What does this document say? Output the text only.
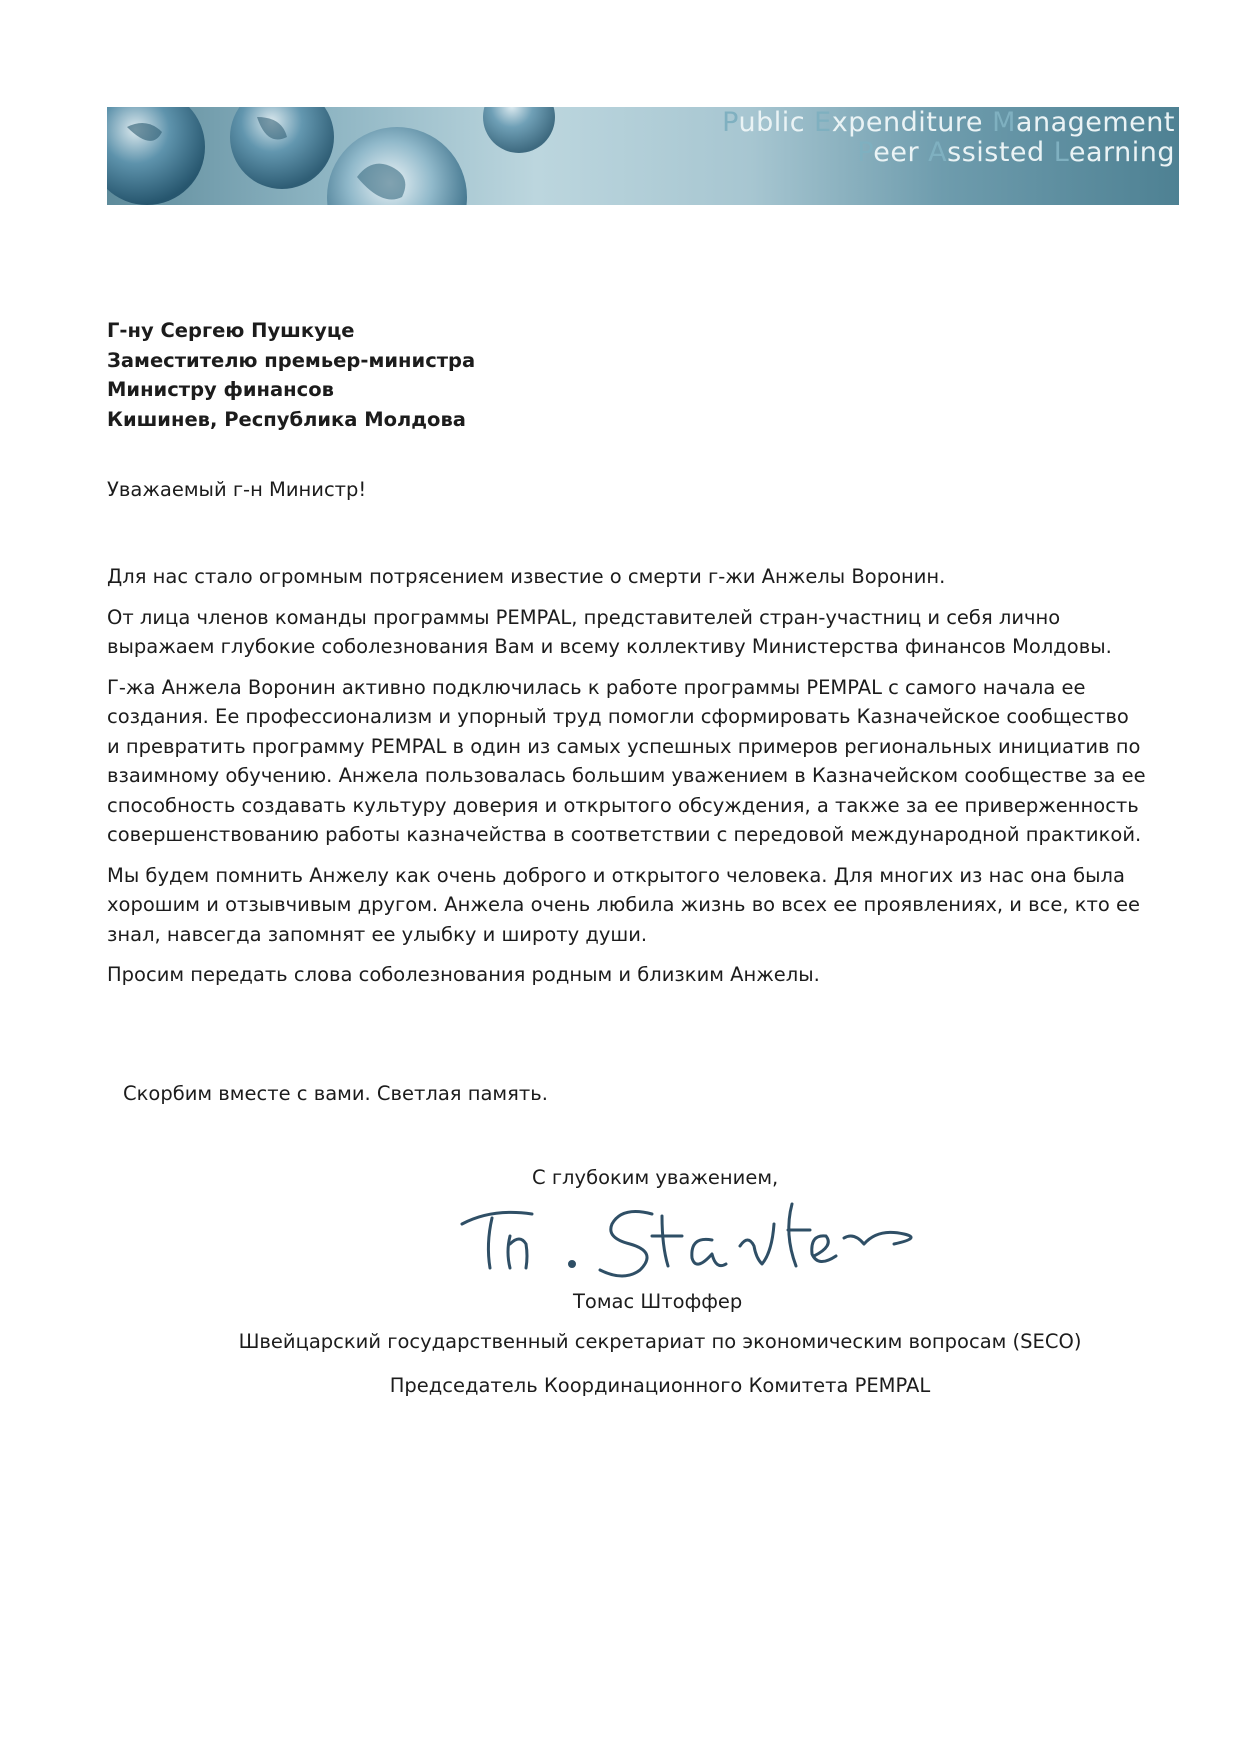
Public Expenditure Management
Peer Assisted Learning
Г-ну Сергею Пушкуце
Заместителю премьер-министра
Министру финансов
Кишинев, Республика Молдова
Уважаемый г-н Министр!

Для нас стало огромным потрясением известие о смерти г-жи Анжелы Воронин.

От лица членов команды программы PEMPAL, представителей стран-участниц и себя лично выражаем глубокие соболезнования Вам и всему коллективу Министерства финансов Молдовы.

Г-жа Анжела Воронин активно подключилась к работе программы PEMPAL с самого начала ее создания. Ее профессионализм и упорный труд помогли сформировать Казначейское сообщество и превратить программу PEMPAL в один из самых успешных примеров региональных инициатив по взаимному обучению. Анжела пользовалась большим уважением в Казначейском сообществе за ее способность создавать культуру доверия и открытого обсуждения, а также за ее приверженность совершенствованию работы казначейства в соответствии с передовой международной практикой.

Мы будем помнить Анжелу как очень доброго и открытого человека. Для многих из нас она была хорошим и отзывчивым другом. Анжела очень любила жизнь во всех ее проявлениях, и все, кто ее знал, навсегда запомнят ее улыбку и широту души.

Просим передать слова соболезнования родным и близким Анжелы.

Скорбим вместе с вами. Светлая память.
С глубоким уважением,
Томас Штоффер
Швейцарский государственный секретариат по экономическим вопросам (SECO)
Председатель Координационного Комитета PEMPAL
